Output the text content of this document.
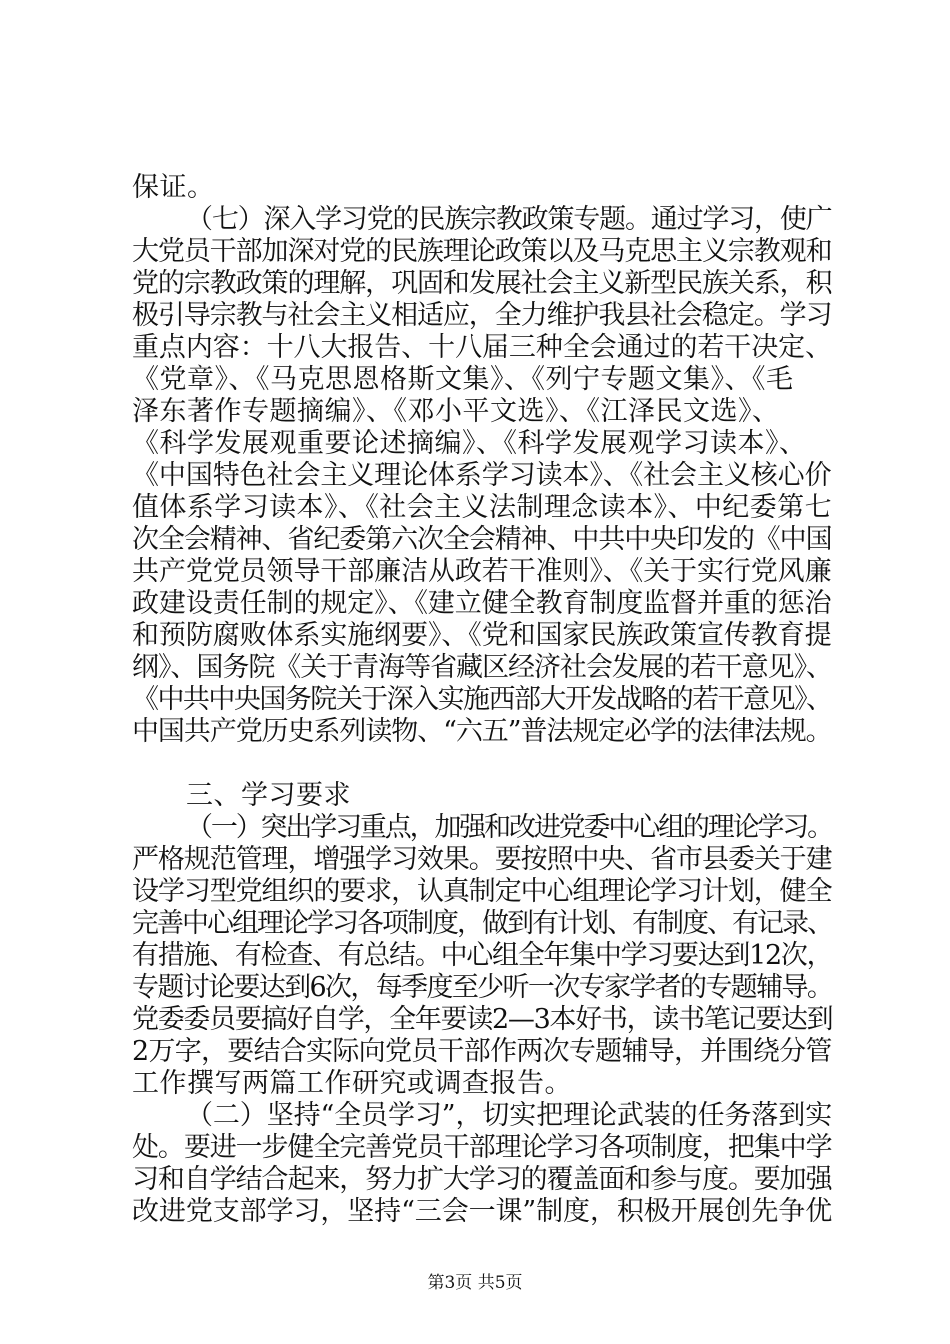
保证。
（七）深入学习党的民族宗教政策专题。通过学习，使广
大党员干部加深对党的民族理论政策以及马克思主义宗教观和
党的宗教政策的理解，巩固和发展社会主义新型民族关系，积
极引导宗教与社会主义相适应，全力维护我县社会稳定。学习
重点内容：十八大报告、十八届三种全会通过的若干决定、
《党章》、《马克思恩格斯文集》、《列宁专题文集》、《毛
泽东著作专题摘编》、《邓小平文选》、《江泽民文选》、
《科学发展观重要论述摘编》、《科学发展观学习读本》、
《中国特色社会主义理论体系学习读本》、《社会主义核心价
值体系学习读本》、《社会主义法制理念读本》、中纪委第七
次全会精神、省纪委第六次全会精神、中共中央印发的《中国
共产党党员领导干部廉洁从政若干准则》、《关于实行党风廉
政建设责任制的规定》、《建立健全教育制度监督并重的惩治
和预防腐败体系实施纲要》、《党和国家民族政策宣传教育提
纲》、国务院《关于青海等省藏区经济社会发展的若干意见》、
《中共中央国务院关于深入实施西部大开发战略的若干意见》、
中国共产党历史系列读物、“六五”普法规定必学的法律法规。
三、学习要求
（一）突出学习重点，加强和改进党委中心组的理论学习。
严格规范管理，增强学习效果。要按照中央、省市县委关于建
设学习型党组织的要求，认真制定中心组理论学习计划，健全
完善中心组理论学习各项制度，做到有计划、有制度、有记录、
有措施、有检查、有总结。中心组全年集中学习要达到12次，
专题讨论要达到6次，每季度至少听一次专家学者的专题辅导。
党委委员要搞好自学，全年要读2—3本好书，读书笔记要达到
2万字，要结合实际向党员干部作两次专题辅导，并围绕分管
工作撰写两篇工作研究或调查报告。
（二）坚持“全员学习”，切实把理论武装的任务落到实
处。要进一步健全完善党员干部理论学习各项制度，把集中学
习和自学结合起来，努力扩大学习的覆盖面和参与度。要加强
改进党支部学习，坚持“三会一课”制度，积极开展创先争优
第3页 共5页
